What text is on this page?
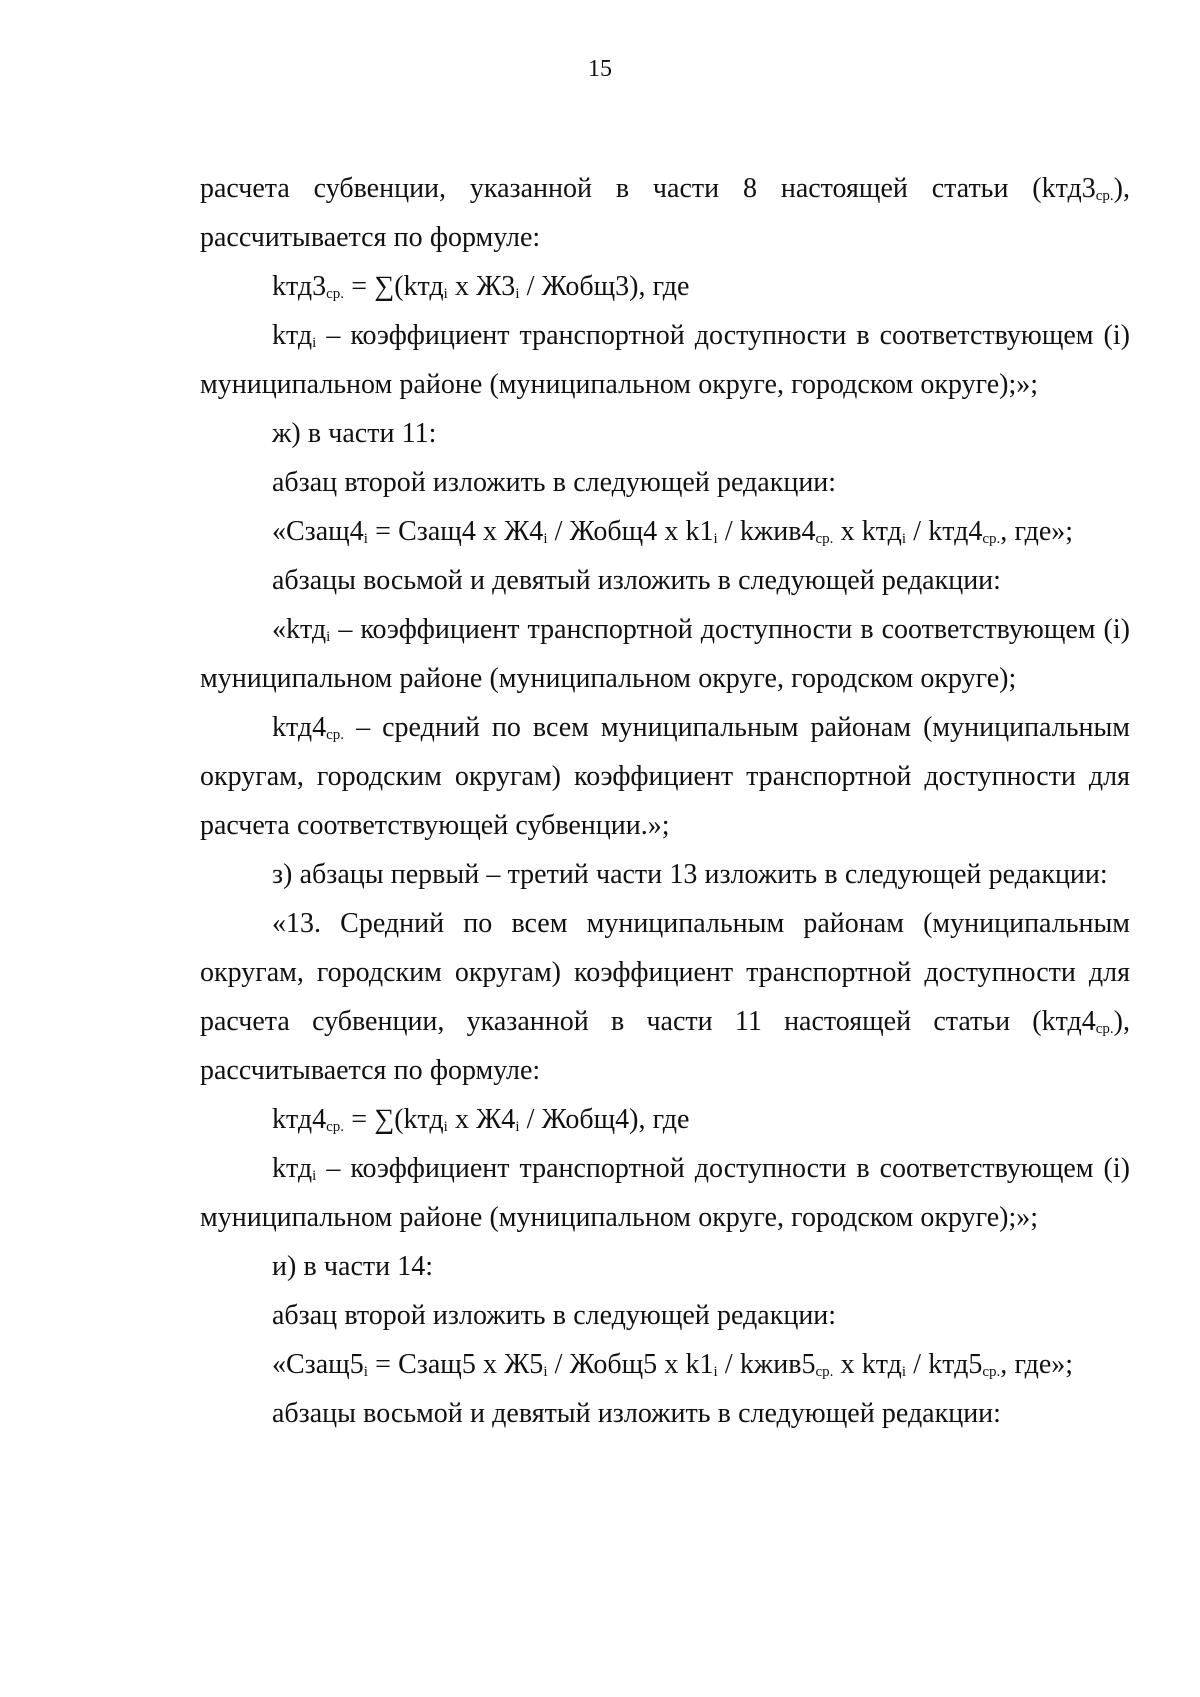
15

расчета субвенции, указанной в части 8 настоящей статьи $(kтд3_{ср.})$,

рассчитывается по формуле:

$kтд3_{ср.} = \sum(kтд_i$ х $Ж3_i$ / Жобщ3), где

kтд$_i$ – коэффициент транспортной доступности в соответствующем (i) муниципальном районе (муниципальном округе, городском округе);»;

ж) в части 11:

абзац второй изложить в следующей редакции:

«$Сзащ4_i$ = Сзащ4 х $Ж4_i$ / Жобщ4 х $k1_i$ / $kжив4_{ср.}$ х $kтд_i / kтд4_{ср.}$, где»;

абзацы восьмой и девятый изложить в следующей редакции:

«kтд$_i$ – коэффициент транспортной доступности в соответствующем (i) муниципальном районе (муниципальном округе, городском округе);

$kтд4_{ср.}$ – средний по всем муниципальным районам (муниципальным округам, городским округам) коэффициент транспортной доступности для расчета соответствующей субвенции.»;

з) абзацы первый – третий части 13 изложить в следующей редакции:

«13. Средний по всем муниципальным районам (муниципальным округам, городским округам) коэффициент транспортной доступности для расчета субвенции, указанной в части 11 настоящей статьи $(kтд4_{ср.})$, рассчитывается по формуле:

$kтд4_{ср.} = \sum(kтд_i$ х $Ж4_i$ / Жобщ4), где

kтд$_i$ – коэффициент транспортной доступности в соответствующем (i) муниципальном районе (муниципальном округе, городском округе);»;

и) в части 14:

абзац второй изложить в следующей редакции:

«$Сзащ5_i$ = Сзащ5 х $Ж5_i$ / Жобщ5 х $k1_i$ / $kжив5_{ср.}$ х $kтд_i / kтд5_{ср.}$, где»;

абзацы восьмой и девятый изложить в следующей редакции:
